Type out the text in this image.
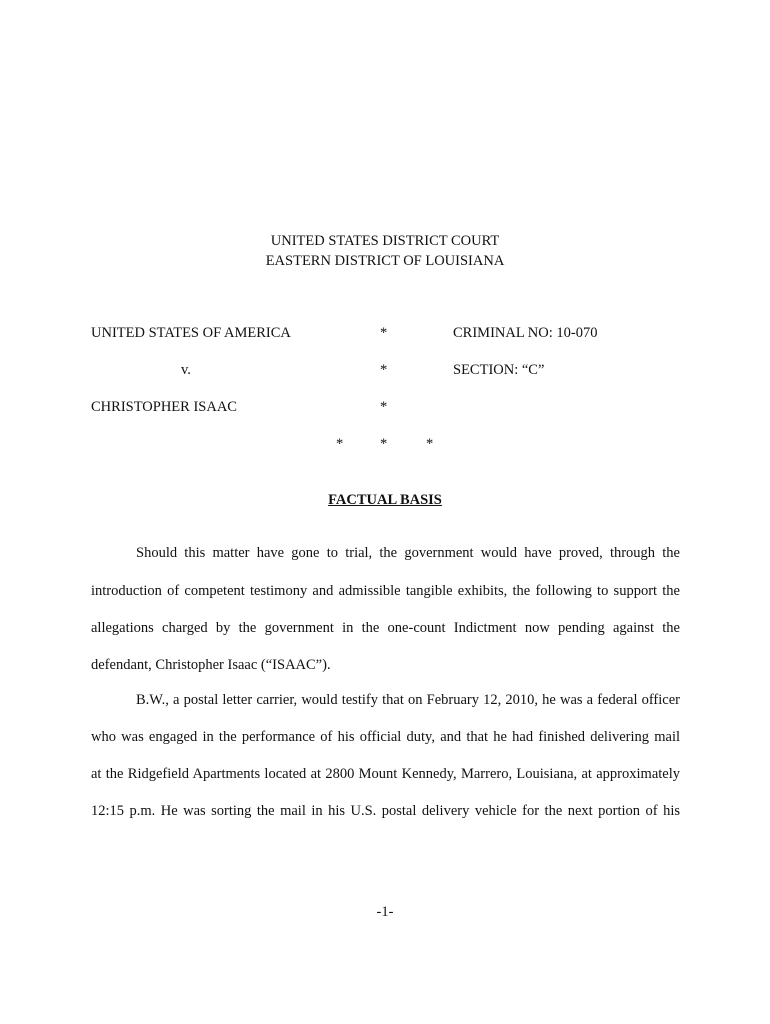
UNITED STATES DISTRICT COURT
EASTERN DISTRICT OF LOUISIANA
UNITED STATES OF AMERICA	*	CRIMINAL NO: 10-070
v.	*	SECTION: “C”
CHRISTOPHER ISAAC	*
*	*	*
FACTUAL BASIS
Should this matter have gone to trial, the government would have proved, through the
introduction of competent testimony and admissible tangible exhibits, the following to support the
allegations charged by the government in the one-count Indictment now pending against the
defendant, Christopher Isaac (“ISAAC”).
B.W., a postal letter carrier, would testify that on February 12, 2010, he was a federal officer
who was engaged in the performance of his official duty, and that he had finished delivering mail
at the Ridgefield Apartments located at 2800 Mount Kennedy, Marrero, Louisiana, at approximately
12:15 p.m. He was sorting the mail in his U.S. postal delivery vehicle for the next portion of his
-1-
